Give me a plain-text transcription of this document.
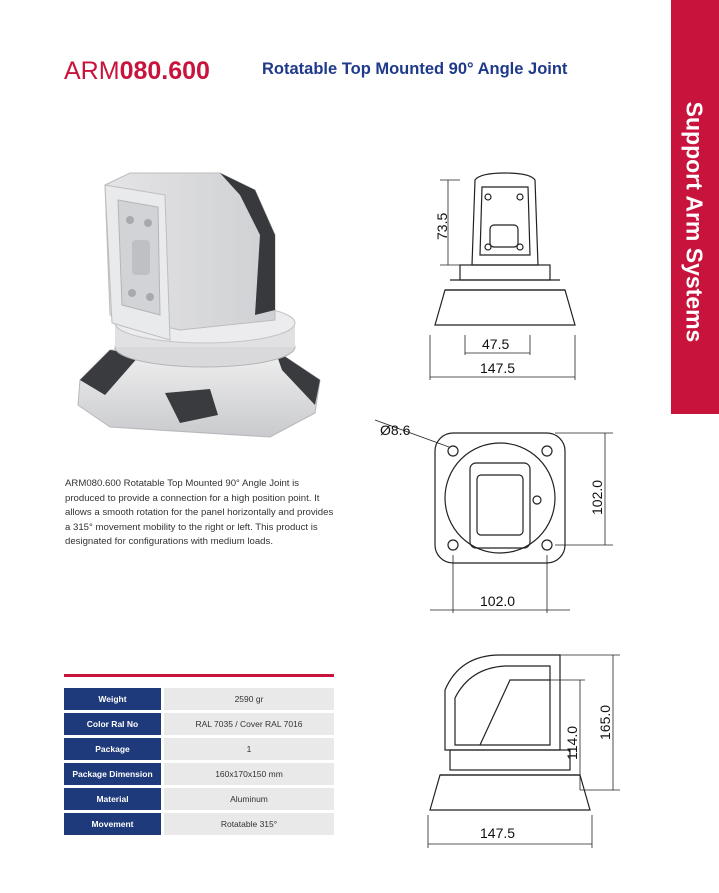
ARM080.600	Rotatable Top Mounted 90° Angle Joint
Support Arm Systems
73.5
47.5
147.5
Ø8.6
102.0
102.0
114.0
165.0
147.5
ARM080.600 Rotatable Top Mounted 90° Angle Joint is produced to provide a connection for a high position point. It allows a smooth rotation for the panel horizontally and provides a 315° movement mobility to the right or left. This product is designated for configurations with medium loads.
Weight	2590 gr
Color Ral No	RAL 7035 / Cover RAL 7016
Package	1
Package Dimension	160x170x150 mm
Material	Aluminum
Movement	Rotatable 315°
